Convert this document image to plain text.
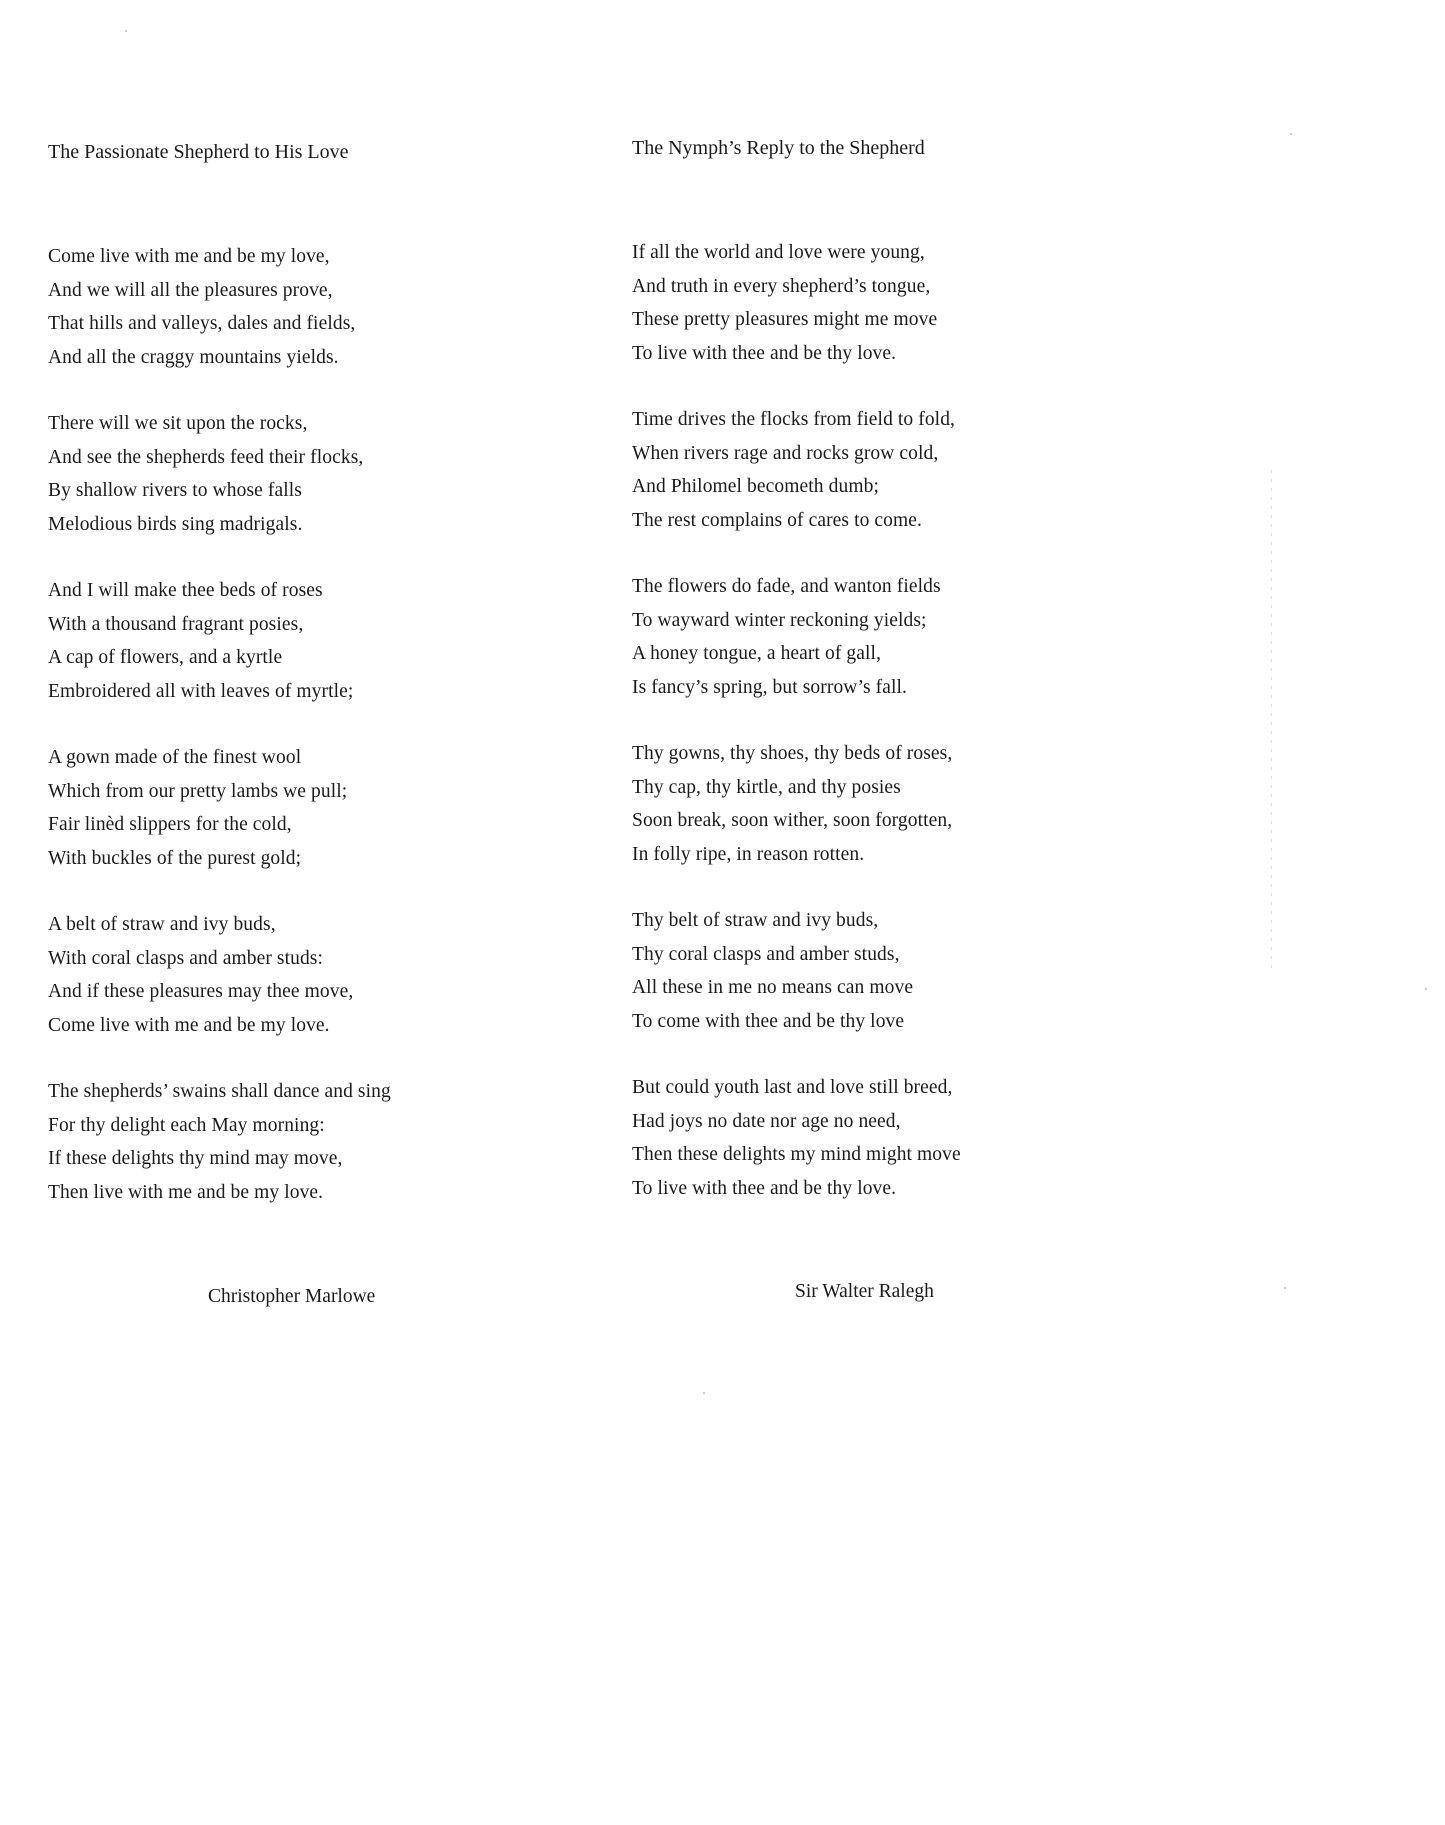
The Passionate Shepherd to His Love
Come live with me and be my love,
And we will all the pleasures prove,
That hills and valleys, dales and fields,
And all the craggy mountains yields.
There will we sit upon the rocks,
And see the shepherds feed their flocks,
By shallow rivers to whose falls
Melodious birds sing madrigals.
And I will make thee beds of roses
With a thousand fragrant posies,
A cap of flowers, and a kyrtle
Embroidered all with leaves of myrtle;
A gown made of the finest wool
Which from our pretty lambs we pull;
Fair linèd slippers for the cold,
With buckles of the purest gold;
A belt of straw and ivy buds,
With coral clasps and amber studs:
And if these pleasures may thee move,
Come live with me and be my love.
The shepherds’ swains shall dance and sing
For thy delight each May morning:
If these delights thy mind may move,
Then live with me and be my love.
The Nymph’s Reply to the Shepherd
If all the world and love were young,
And truth in every shepherd’s tongue,
These pretty pleasures might me move
To live with thee and be thy love.
Time drives the flocks from field to fold,
When rivers rage and rocks grow cold,
And Philomel becometh dumb;
The rest complains of cares to come.
The flowers do fade, and wanton fields
To wayward winter reckoning yields;
A honey tongue, a heart of gall,
Is fancy’s spring, but sorrow’s fall.
Thy gowns, thy shoes, thy beds of roses,
Thy cap, thy kirtle, and thy posies
Soon break, soon wither, soon forgotten,
In folly ripe, in reason rotten.
Thy belt of straw and ivy buds,
Thy coral clasps and amber studs,
All these in me no means can move
To come with thee and be thy love
But could youth last and love still breed,
Had joys no date nor age no need,
Then these delights my mind might move
To live with thee and be thy love.
Christopher Marlowe	Sir Walter Ralegh
